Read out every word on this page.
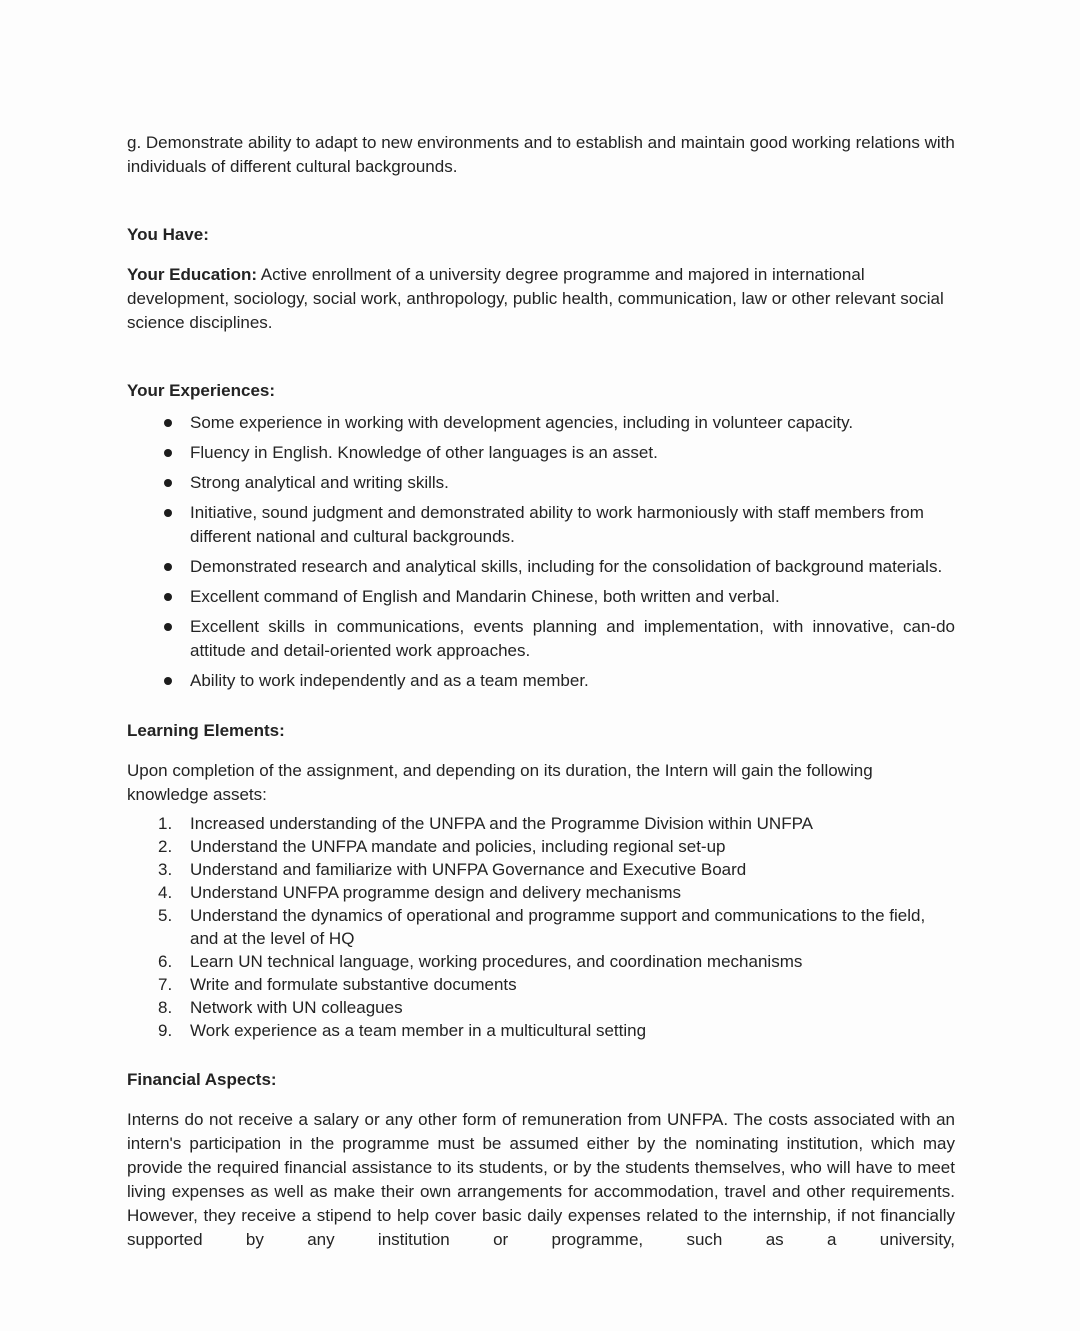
g. Demonstrate ability to adapt to new environments and to establish and maintain good working relations with individuals of different cultural backgrounds.

You Have:

Your Education: Active enrollment of a university degree programme and majored in international development, sociology, social work, anthropology, public health, communication, law or other relevant social science disciplines.

Your Experiences:

Some experience in working with development agencies, including in volunteer capacity.
Fluency in English. Knowledge of other languages is an asset.
Strong analytical and writing skills.
Initiative, sound judgment and demonstrated ability to work harmoniously with staff members from different national and cultural backgrounds.
Demonstrated research and analytical skills, including for the consolidation of background materials.
Excellent command of English and Mandarin Chinese, both written and verbal.
Excellent skills in communications, events planning and implementation, with innovative, can-do attitude and detail-oriented work approaches.
Ability to work independently and as a team member.

Learning Elements:

Upon completion of the assignment, and depending on its duration, the Intern will gain the following knowledge assets:

Increased understanding of the UNFPA and the Programme Division within UNFPA
Understand the UNFPA mandate and policies, including regional set-up
Understand and familiarize with UNFPA Governance and Executive Board
Understand UNFPA programme design and delivery mechanisms
Understand the dynamics of operational and programme support and communications to the field, and at the level of HQ
Learn UN technical language, working procedures, and coordination mechanisms
Write and formulate substantive documents
Network with UN colleagues
Work experience as a team member in a multicultural setting

Financial Aspects:

Interns do not receive a salary or any other form of remuneration from UNFPA. The costs associated with an intern's participation in the programme must be assumed either by the nominating institution, which may provide the required financial assistance to its students, or by the students themselves, who will have to meet living expenses as well as make their own arrangements for accommodation, travel and other requirements. However, they receive a stipend to help cover basic daily expenses related to the internship, if not financially supported by any institution or programme, such as a university,
